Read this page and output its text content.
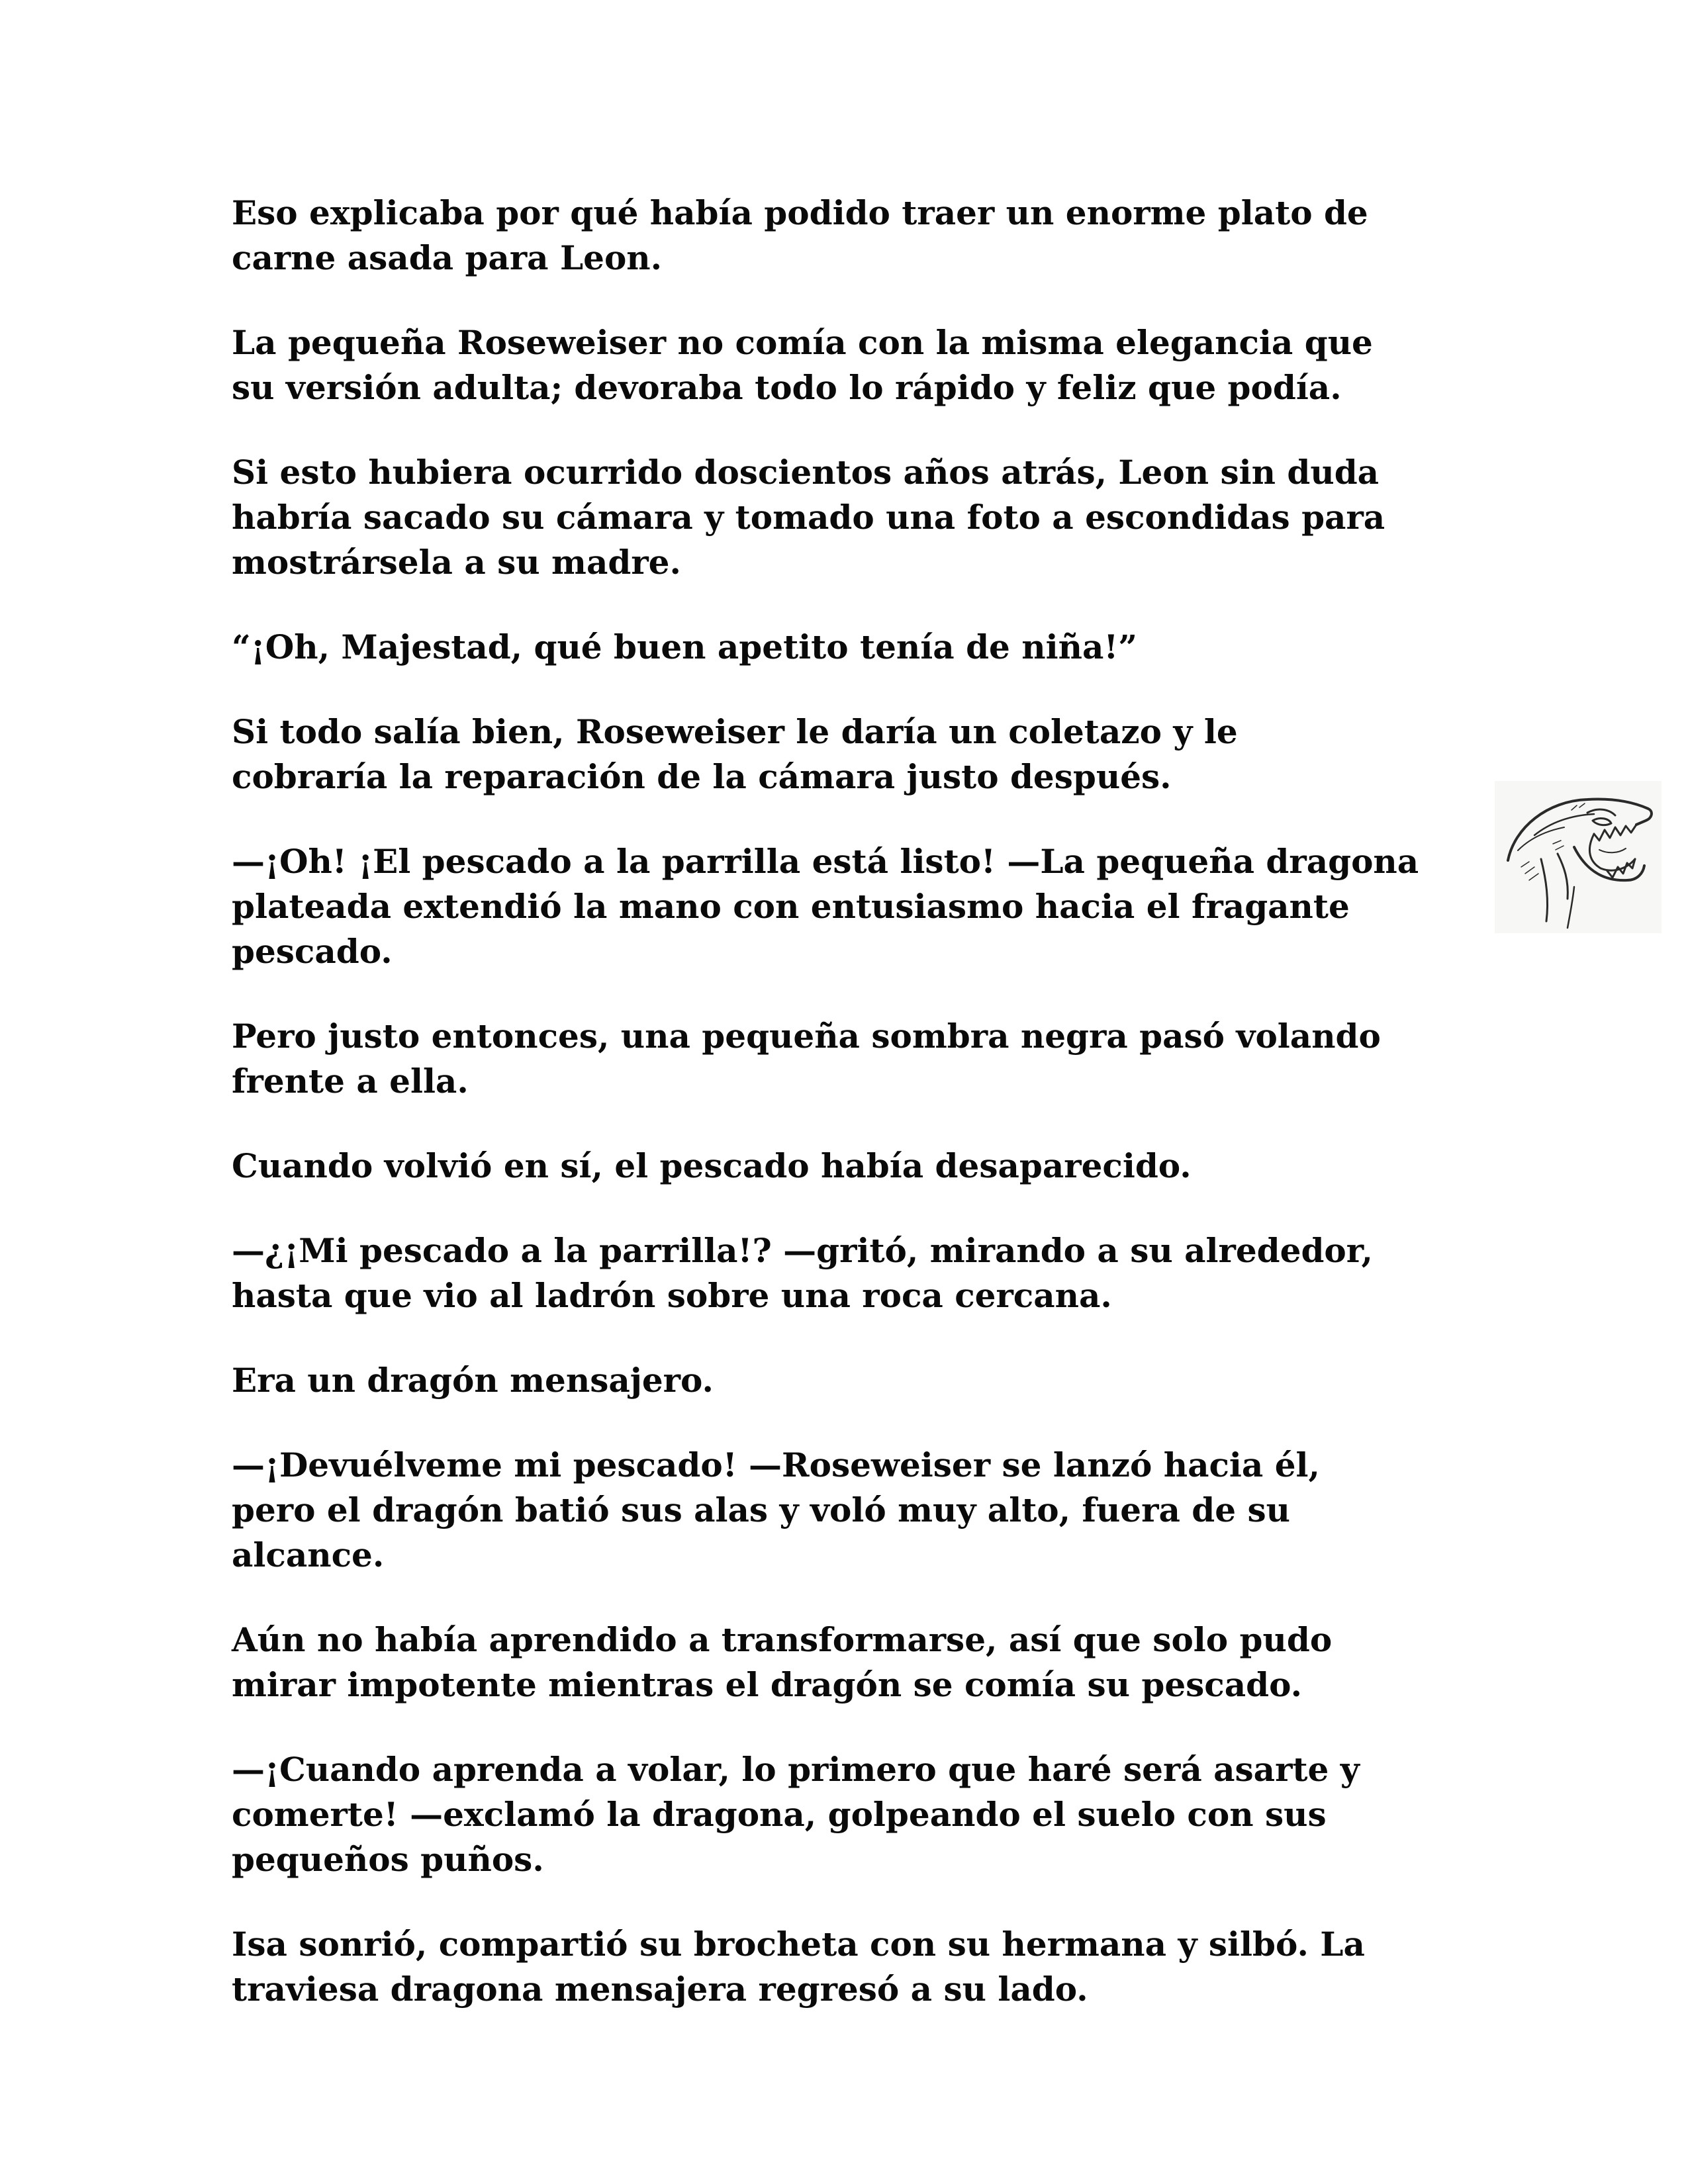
Eso explicaba por qué había podido traer un enorme plato de
carne asada para Leon.

La pequeña Roseweiser no comía con la misma elegancia que
su versión adulta; devoraba todo lo rápido y feliz que podía.

Si esto hubiera ocurrido doscientos años atrás, Leon sin duda
habría sacado su cámara y tomado una foto a escondidas para
mostrársela a su madre.

“¡Oh, Majestad, qué buen apetito tenía de niña!”

Si todo salía bien, Roseweiser le daría un coletazo y le
cobraría la reparación de la cámara justo después.

—¡Oh! ¡El pescado a la parrilla está listo! —La pequeña dragona
plateada extendió la mano con entusiasmo hacia el fragante
pescado.

Pero justo entonces, una pequeña sombra negra pasó volando
frente a ella.

Cuando volvió en sí, el pescado había desaparecido.

—¿¡Mi pescado a la parrilla!? —gritó, mirando a su alrededor,
hasta que vio al ladrón sobre una roca cercana.

Era un dragón mensajero.

—¡Devuélveme mi pescado! —Roseweiser se lanzó hacia él,
pero el dragón batió sus alas y voló muy alto, fuera de su
alcance.

Aún no había aprendido a transformarse, así que solo pudo
mirar impotente mientras el dragón se comía su pescado.

—¡Cuando aprenda a volar, lo primero que haré será asarte y
comerte! —exclamó la dragona, golpeando el suelo con sus
pequeños puños.

Isa sonrió, compartió su brocheta con su hermana y silbó. La
traviesa dragona mensajera regresó a su lado.
